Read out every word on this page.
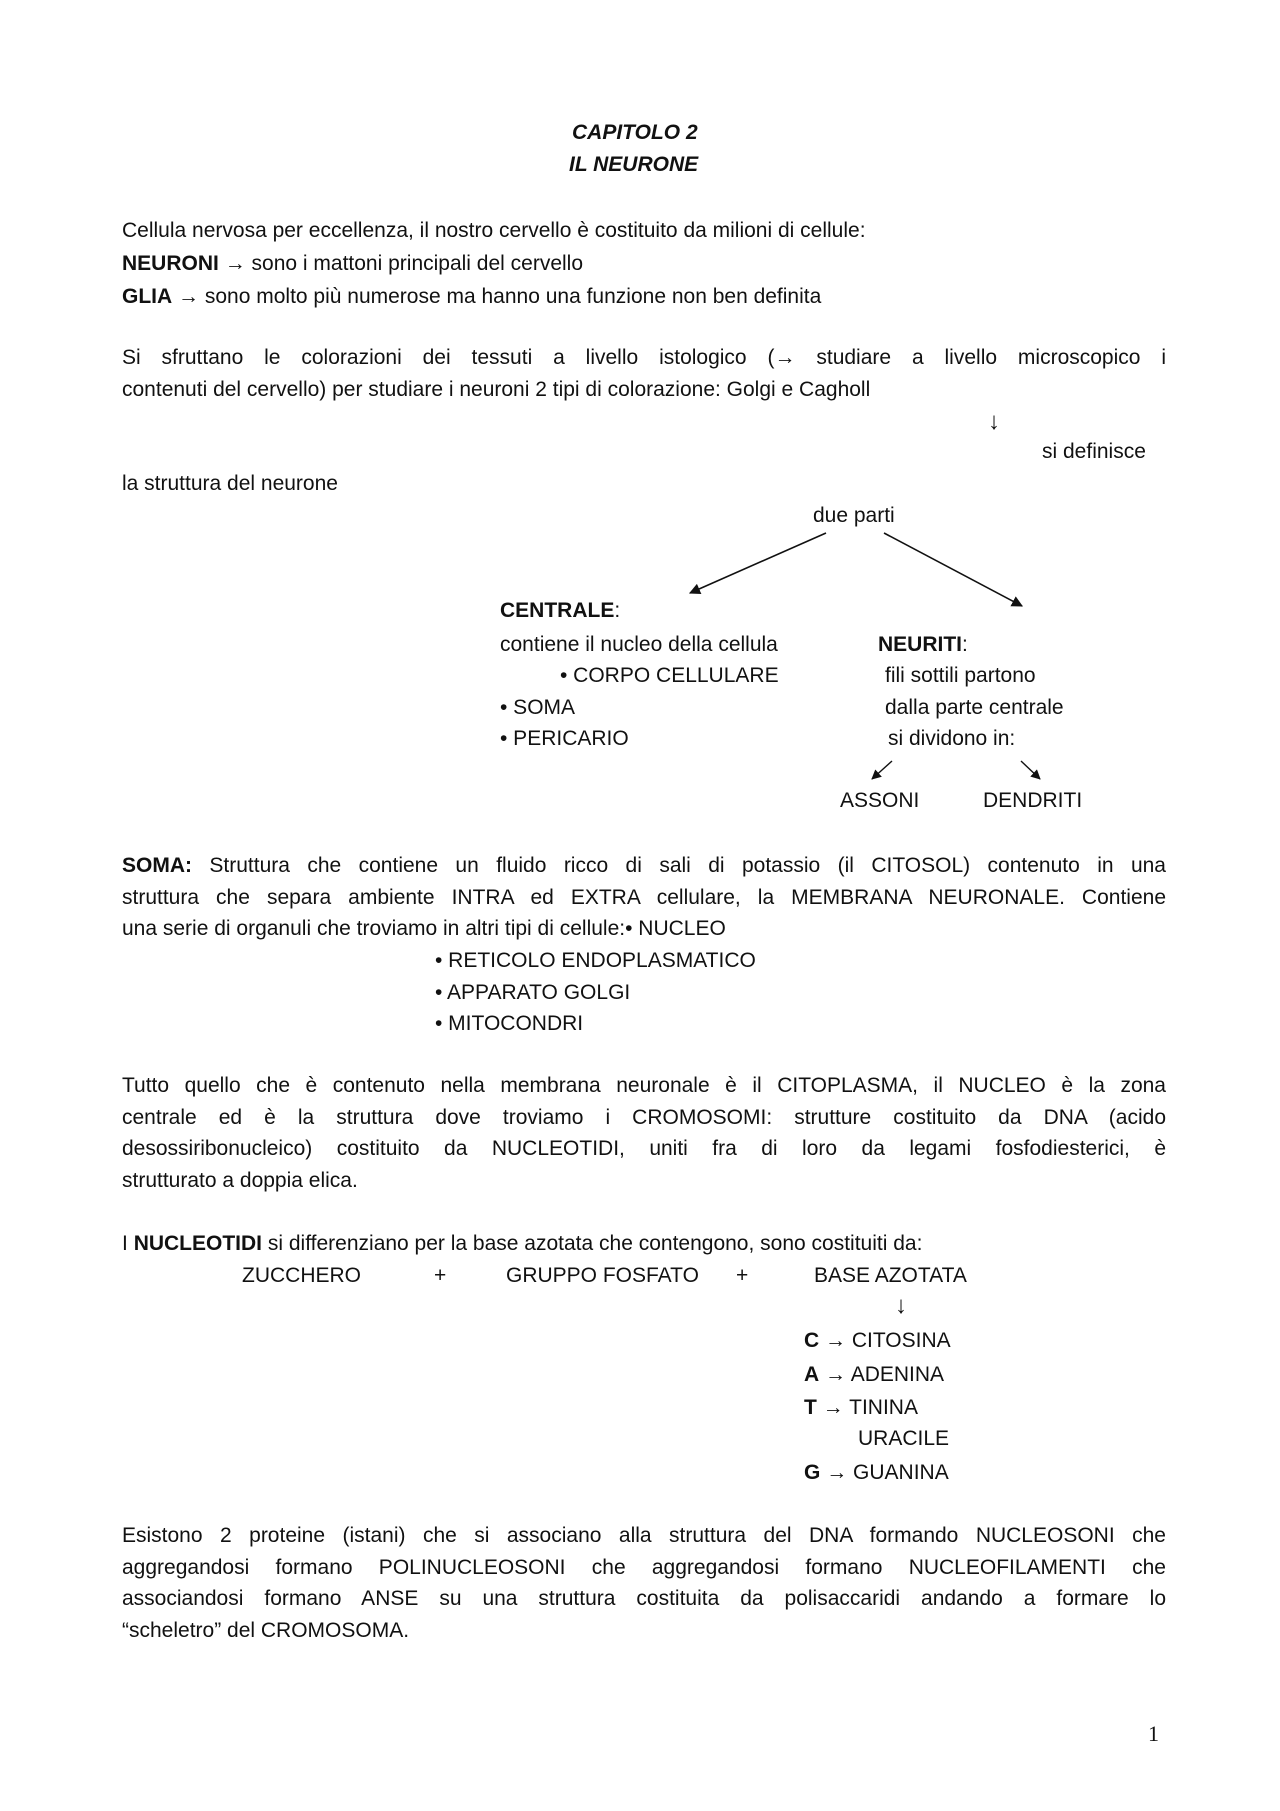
CAPITOLO 2
IL NEURONE
Cellula nervosa per eccellenza, il nostro cervello è costituito da milioni di cellule:
NEURONI → sono i mattoni principali del cervello
GLIA → sono molto più numerose ma hanno una funzione non ben definita
Si sfruttano le colorazioni dei tessuti a livello istologico (→ studiare a livello microscopico i
contenuti del cervello) per studiare i neuroni 2 tipi di colorazione: Golgi e Cagholl
↓
si definisce
la struttura del neurone
due parti
CENTRALE:
contiene il nucleo della cellula
• CORPO CELLULARE
• SOMA
• PERICARIO
NEURITI:
fili sottili partono
dalla parte centrale
si dividono in:
ASSONI	DENDRITI
SOMA: Struttura che contiene un fluido ricco di sali di potassio (il CITOSOL) contenuto in una
struttura che separa ambiente INTRA ed EXTRA cellulare, la MEMBRANA NEURONALE. Contiene
una serie di organuli che troviamo in altri tipi di cellule:• NUCLEO
• RETICOLO ENDOPLASMATICO
• APPARATO GOLGI
• MITOCONDRI
Tutto quello che è contenuto nella membrana neuronale è il CITOPLASMA, il NUCLEO è la zona
centrale ed è la struttura dove troviamo i CROMOSOMI: strutture costituito da DNA (acido
desossiribonucleico) costituito da NUCLEOTIDI, uniti fra di loro da legami fosfodiesterici, è
strutturato a doppia elica.
I NUCLEOTIDI si differenziano per la base azotata che contengono, sono costituiti da:
ZUCCHERO	+	GRUPPO FOSFATO +	BASE AZOTATA
↓
C → CITOSINA
A → ADENINA
T → TININA
URACILE
G → GUANINA
Esistono 2 proteine (istani) che si associano alla struttura del DNA formando NUCLEOSONI che
aggregandosi formano POLINUCLEOSONI che aggregandosi formano NUCLEOFILAMENTI che
associandosi formano ANSE su una struttura costituita da polisaccaridi andando a formare lo
“scheletro” del CROMOSOMA.
1
